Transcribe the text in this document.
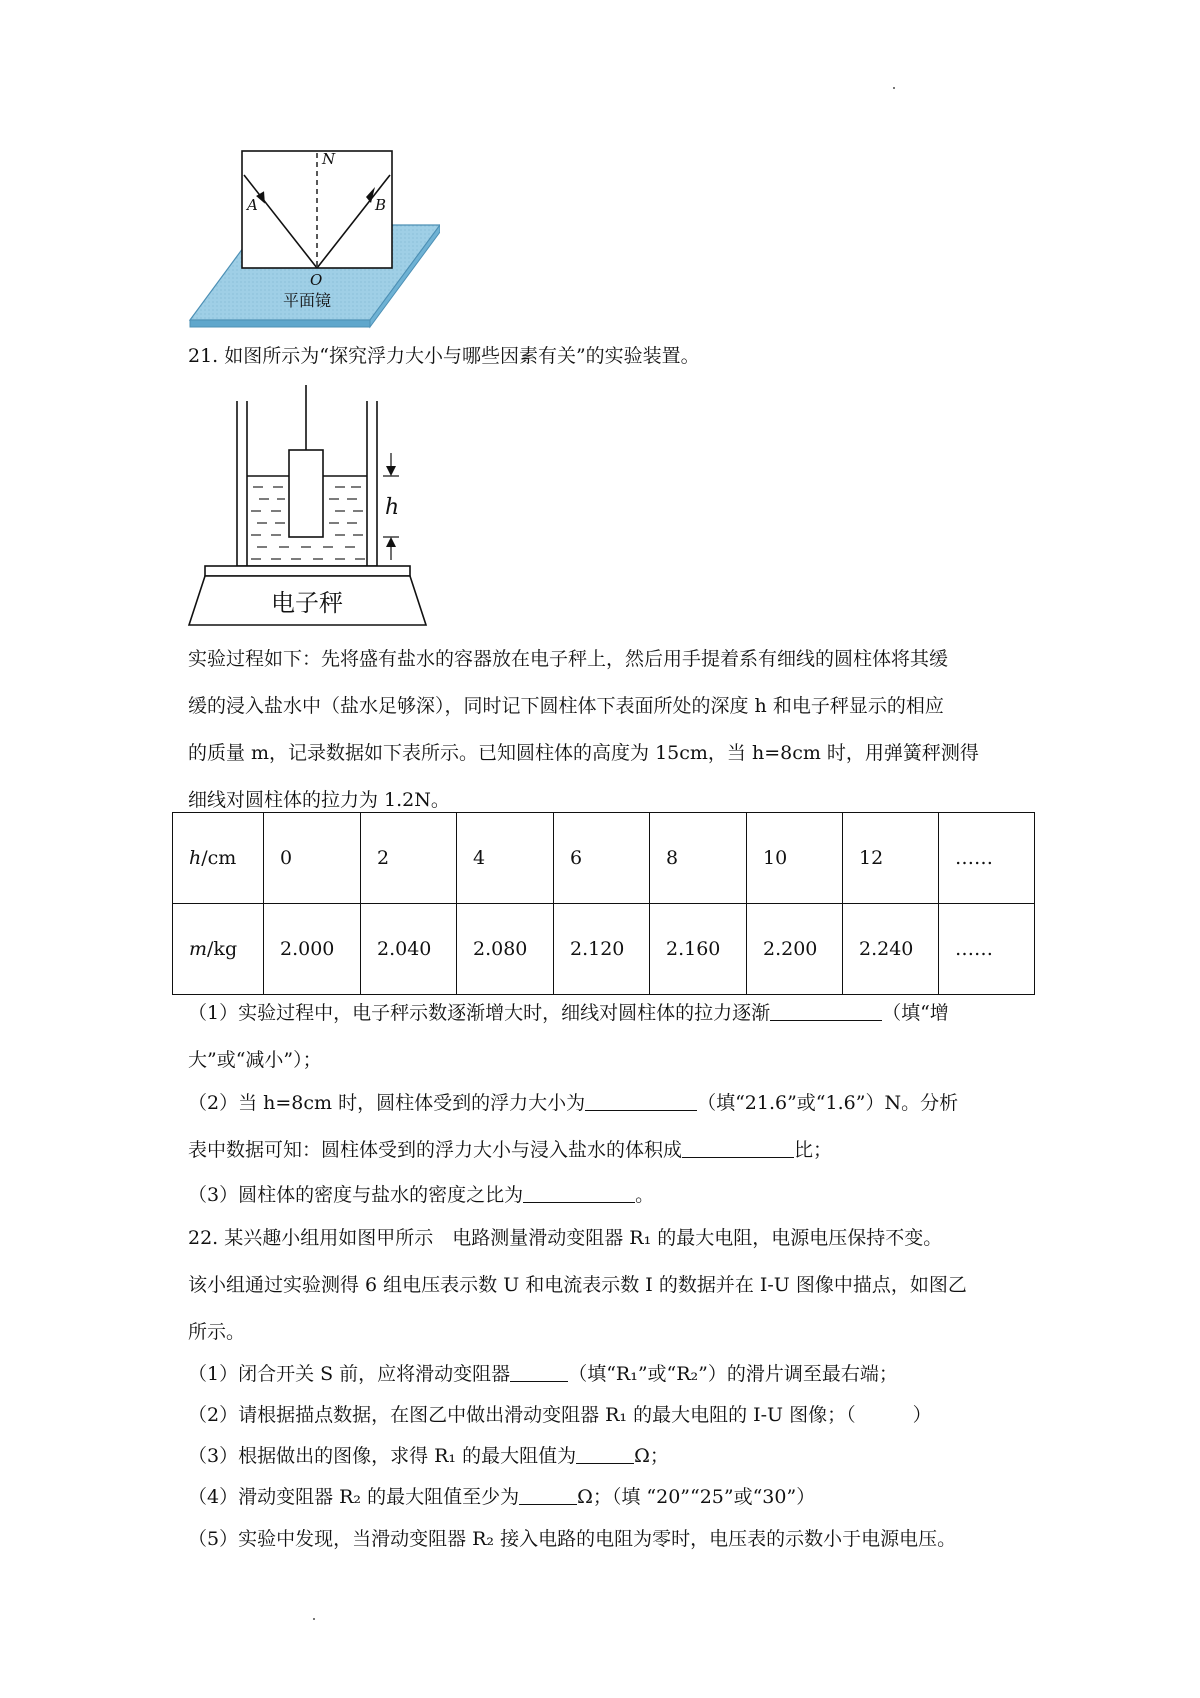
N
A	B
O
平面镜
21. 如图所示为“探究浮力大小与哪些因素有关”的实验装置。
h
电子秤
实验过程如下：先将盛有盐水的容器放在电子秤上，然后用手提着系有细线的圆柱体将其缓
缓的浸入盐水中（盐水足够深），同时记下圆柱体下表面所处的深度 h 和电子秤显示的相应
的质量 m，记录数据如下表所示。已知圆柱体的高度为 15cm，当 h=8cm 时，用弹簧秤测得
细线对圆柱体的拉力为 1.2N。
h/cm	0	2	4	6	8	10	12	……
m/kg	2.000	2.040	2.080	2.120	2.160	2.200	2.240	……
（1）实验过程中，电子秤示数逐渐增大时，细线对圆柱体的拉力逐渐	（填“增
大”或“减小”）；
（2）当 h=8cm 时，圆柱体受到的浮力大小为	（填“21.6”或“1.6”）N。分析
表中数据可知：圆柱体受到的浮力大小与浸入盐水的体积成	比；
（3）圆柱体的密度与盐水的密度之比为	。
22. 某兴趣小组用如图甲所示　电路测量滑动变阻器 R₁ 的最大电阻，电源电压保持不变。
该小组通过实验测得 6 组电压表示数 U 和电流表示数 I 的数据并在 I-U 图像中描点，如图乙
所示。
（1）闭合开关 S 前，应将滑动变阻器	（填“R₁”或“R₂”）的滑片调至最右端；
（2）请根据描点数据，在图乙中做出滑动变阻器 R₁ 的最大电阻的 I-U 图像；（　　　）
（3）根据做出的图像，求得 R₁ 的最大阻值为	Ω；
（4）滑动变阻器 R₂ 的最大阻值至少为	Ω；（填 “20”“25”或“30”）
（5）实验中发现，当滑动变阻器 R₂ 接入电路的电阻为零时，电压表的示数小于电源电压。
